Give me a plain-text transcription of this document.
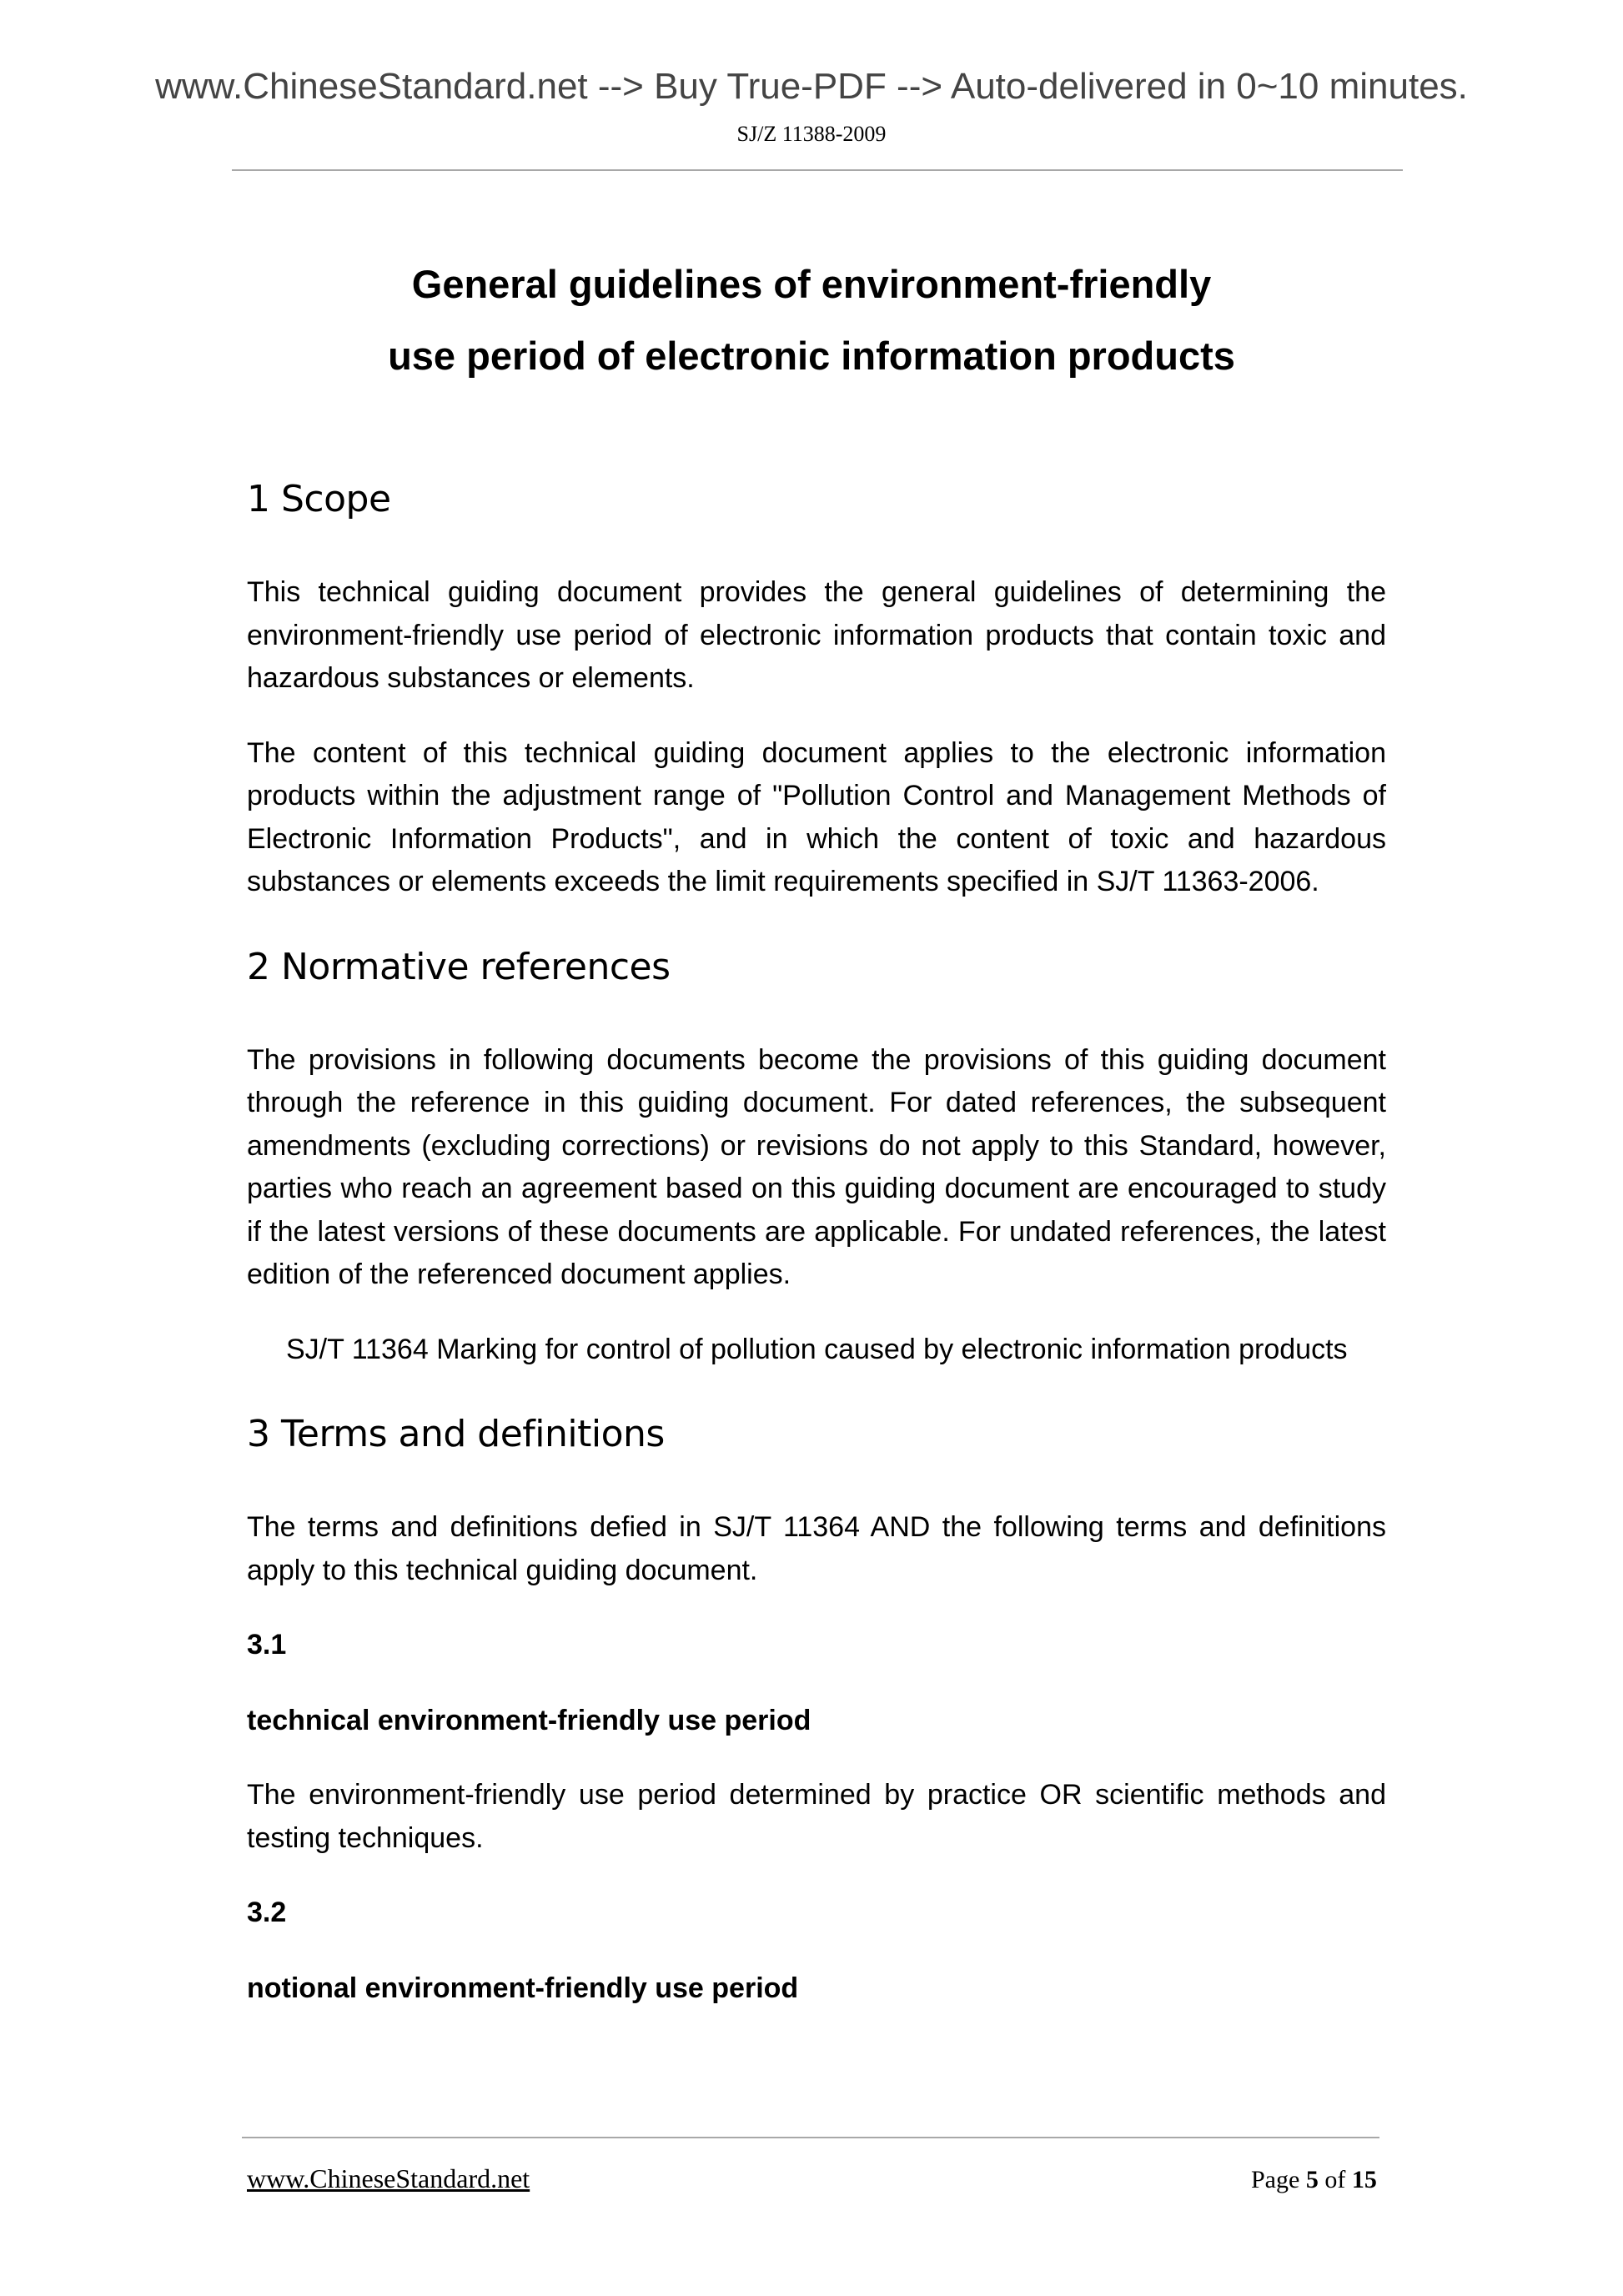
www.ChineseStandard.net --> Buy True-PDF --> Auto-delivered in 0~10 minutes.
SJ/Z 11388-2009
General guidelines of environment-friendly
use period of electronic information products
1 Scope

This technical guiding document provides the general guidelines of determining the environment-friendly use period of electronic information products that contain toxic and hazardous substances or elements.

The content of this technical guiding document applies to the electronic information products within the adjustment range of "Pollution Control and Management Methods of Electronic Information Products", and in which the content of toxic and hazardous substances or elements exceeds the limit requirements specified in SJ/T 11363-2006.

2 Normative references

The provisions in following documents become the provisions of this guiding document through the reference in this guiding document. For dated references, the subsequent amendments (excluding corrections) or revisions do not apply to this Standard, however, parties who reach an agreement based on this guiding document are encouraged to study if the latest versions of these documents are applicable. For undated references, the latest edition of the referenced document applies.

SJ/T 11364 Marking for control of pollution caused by electronic information products

3 Terms and definitions

The terms and definitions defied in SJ/T 11364 AND the following terms and definitions apply to this technical guiding document.

3.1
technical environment-friendly use period

The environment-friendly use period determined by practice OR scientific methods and testing techniques.

3.2
notional environment-friendly use period
www.ChineseStandard.net	Page 5 of 15
